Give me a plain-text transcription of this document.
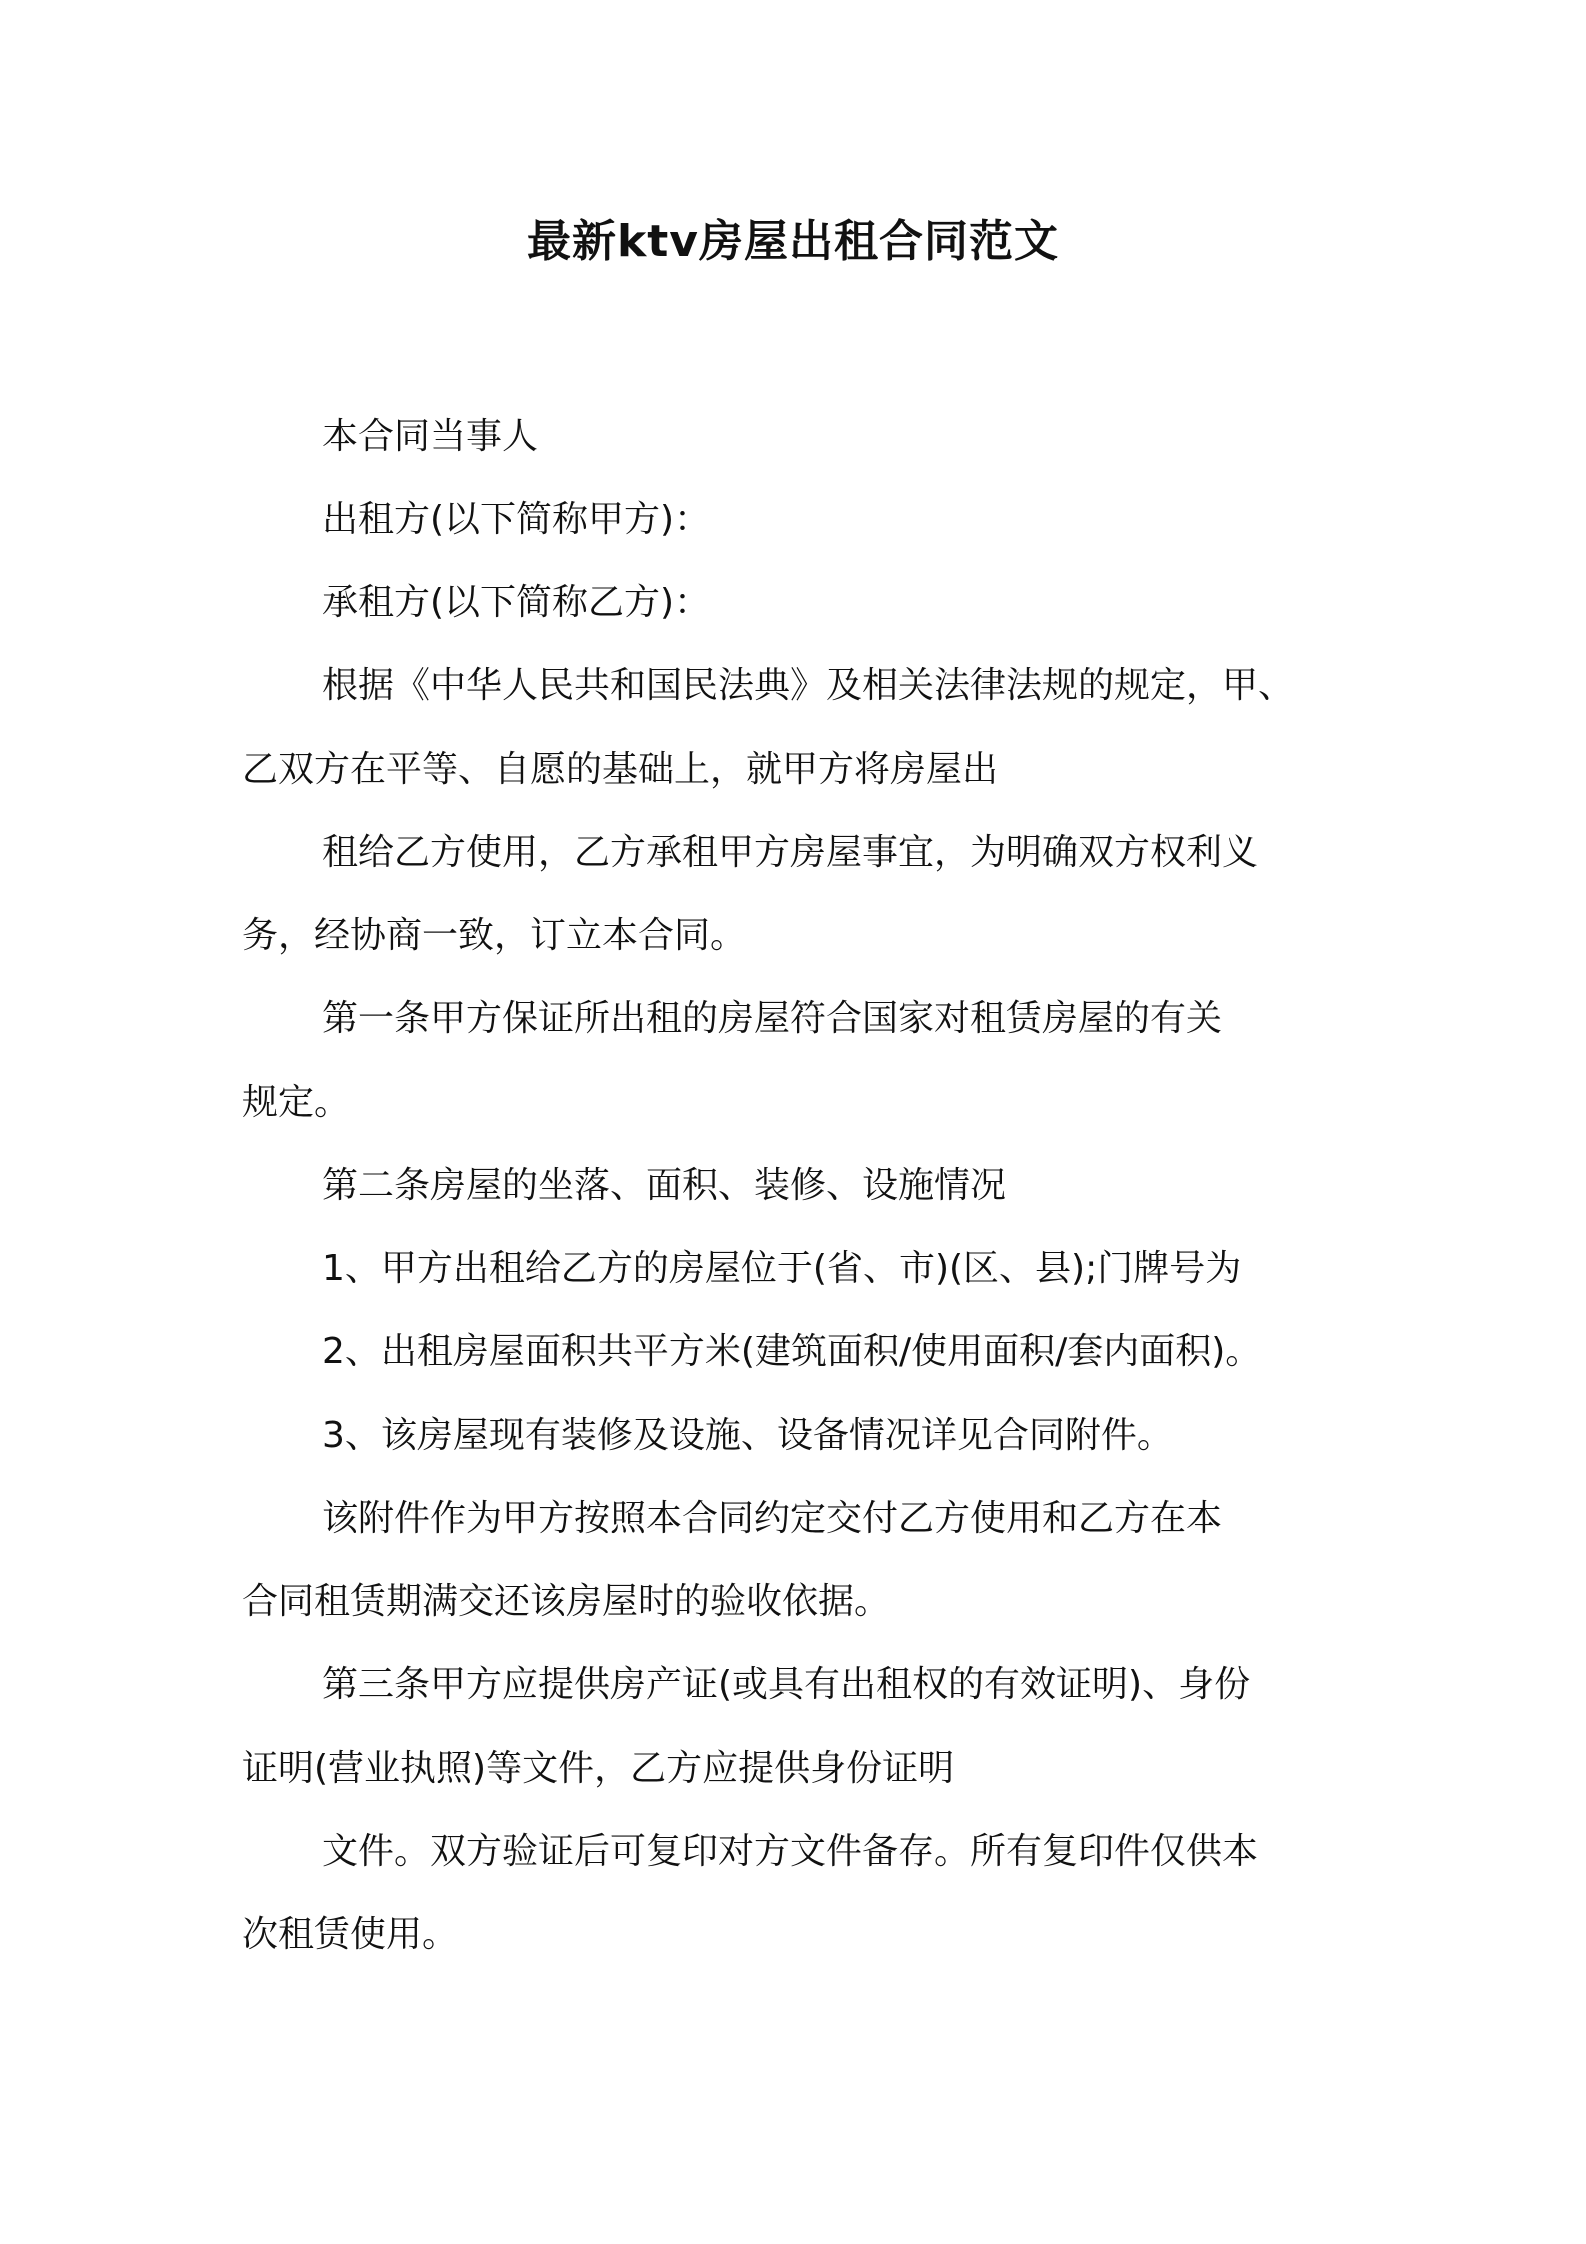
最新ktv房屋出租合同范文

本合同当事人

出租方(以下简称甲方)：

承租方(以下简称乙方)：

根据《中华人民共和国民法典》及相关法律法规的规定，甲、

乙双方在平等、自愿的基础上，就甲方将房屋出

租给乙方使用，乙方承租甲方房屋事宜，为明确双方权利义

务，经协商一致，订立本合同。

第一条甲方保证所出租的房屋符合国家对租赁房屋的有关

规定。

第二条房屋的坐落、面积、装修、设施情况

1、甲方出租给乙方的房屋位于(省、市)(区、县);门牌号为

2、出租房屋面积共平方米(建筑面积/使用面积/套内面积)。

3、该房屋现有装修及设施、设备情况详见合同附件。

该附件作为甲方按照本合同约定交付乙方使用和乙方在本

合同租赁期满交还该房屋时的验收依据。

第三条甲方应提供房产证(或具有出租权的有效证明)、身份

证明(营业执照)等文件，乙方应提供身份证明

文件。双方验证后可复印对方文件备存。所有复印件仅供本

次租赁使用。
